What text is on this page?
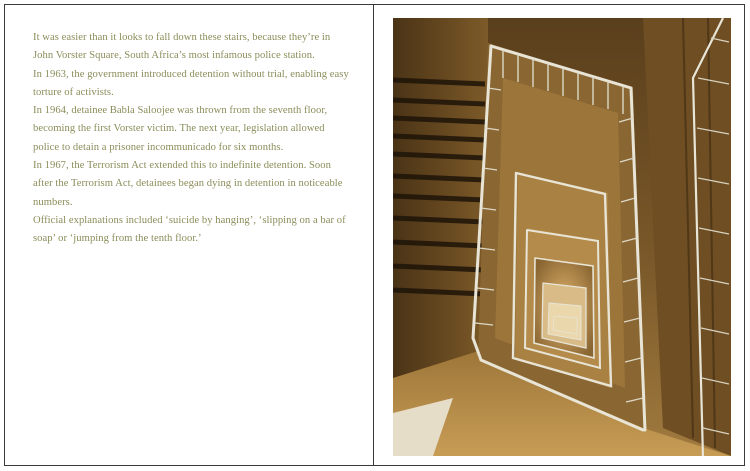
It was easier than it looks to fall down these stairs, because they’re in John Vorster Square, South Africa’s most infamous police station.

In 1963, the government introduced detention without trial, enabling easy torture of activists.

In 1964, detainee Babla Saloojee was thrown from the seventh floor, becoming the first Vorster victim. The next year, legislation allowed police to detain a prisoner incommunicado for six months.

In 1967, the Terrorism Act extended this to indefinite detention. Soon after the Terrorism Act, detainees began dying in detention in noticeable numbers.

Official explanations included ‘suicide by hanging’, ‘slipping on a bar of soap’ or ‘jumping from the tenth floor.’
